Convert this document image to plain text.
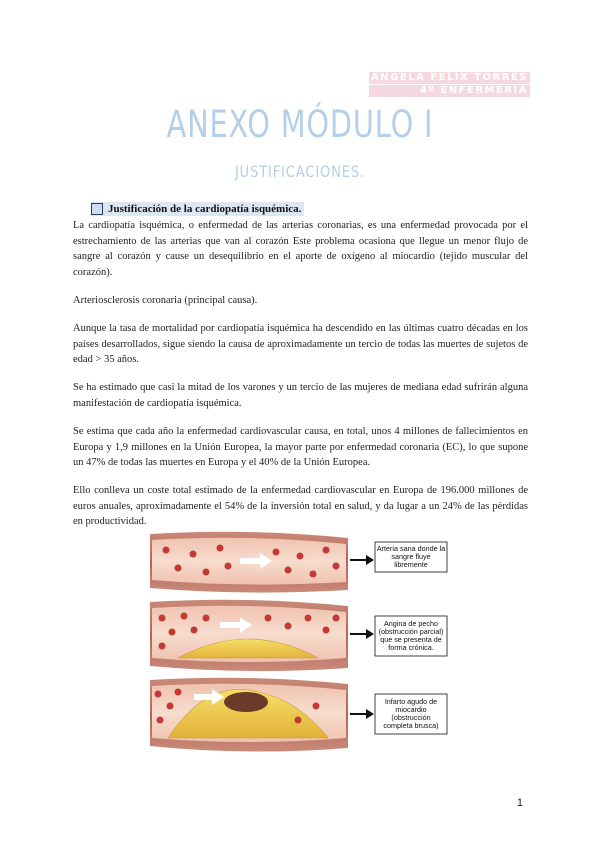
ANGELA FELIX TORRES
4º ENFERMERÍA
ANEXO MÓDULO I
JUSTIFICACIONES.
Justificación de la cardiopatía isquémica.

La cardiopatía isquémica, o enfermedad de las arterias coronarias, es una enfermedad provocada por el estrechamiento de las arterias que van al corazón Este problema ocasiona que llegue un menor flujo de sangre al corazón y cause un desequilibrio en el aporte de oxígeno al miocardio (tejido muscular del corazón).

Arteriosclerosis coronaria (principal causa).

Aunque la tasa de mortalidad por cardiopatía isquémica ha descendido en las últimas cuatro décadas en los países desarrollados, sigue siendo la causa de aproximadamente un tercio de todas las muertes de sujetos de edad > 35 años.

Se ha estimado que casi la mitad de los varones y un tercio de las mujeres de mediana edad sufrirán alguna manifestación de cardiopatía isquémica.

Se estima que cada año la enfermedad cardiovascular causa, en total, unos 4 millones de fallecimientos en Europa y 1,9 millones en la Unión Europea, la mayor parte por enfermedad coronaria (EC), lo que supone un 47% de todas las muertes en Europa y el 40% de la Unión Europea.

Ello conlleva un coste total estimado de la enfermedad cardiovascular en Europa de 196.000 millones de euros anuales, aproximadamente el 54% de la inversión total en salud, y da lugar a un 24% de las pérdidas en productividad.

Arteria sana donde la
sangre fluye
libremente
Angina de pecho
(obstrucción parcial)
que se presenta de
forma crónica.
Infarto agudo de
miocardio
(obstrucción
completa brusca)
1
